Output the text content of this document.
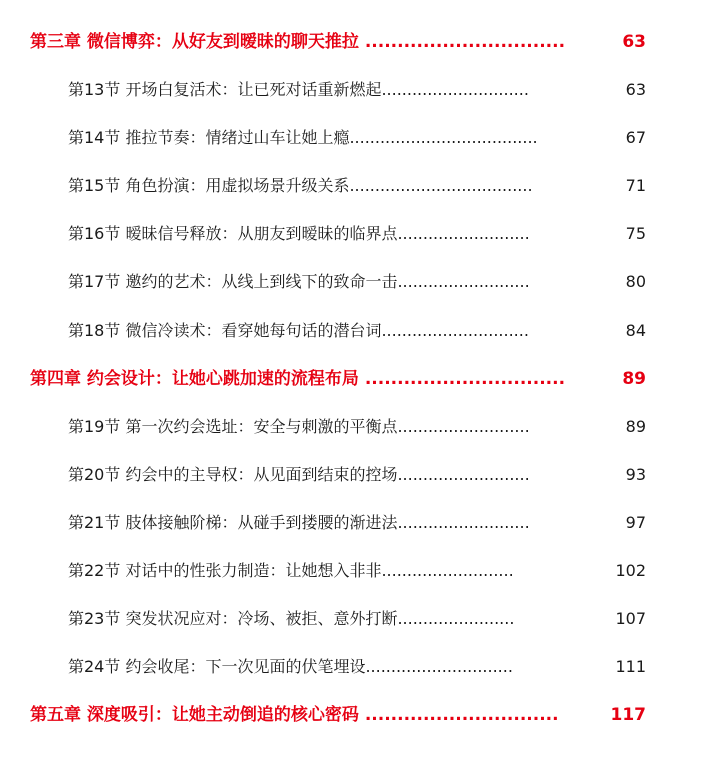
第三章 微信博弈：从好友到暧昧的聊天推拉 ...............................	63
第13节 开场白复活术：让已死对话重新燃起.............................	63
第14节 推拉节奏：情绪过山车让她上瘾.....................................	67
第15节 角色扮演：用虚拟场景升级关系....................................	71
第16节 暧昧信号释放：从朋友到暧昧的临界点..........................	75
第17节 邀约的艺术：从线上到线下的致命一击..........................	80
第18节 微信冷读术：看穿她每句话的潜台词.............................	84
第四章 约会设计：让她心跳加速的流程布局 ...............................	89
第19节 第一次约会选址：安全与刺激的平衡点..........................	89
第20节 约会中的主导权：从见面到结束的控场..........................	93
第21节 肢体接触阶梯：从碰手到搂腰的渐进法..........................	97
第22节 对话中的性张力制造：让她想入非非..........................	102
第23节 突发状况应对：冷场、被拒、意外打断.......................	107
第24节 约会收尾：下一次见面的伏笔埋设.............................	111
第五章 深度吸引：让她主动倒追的核心密码 ..............................	117
